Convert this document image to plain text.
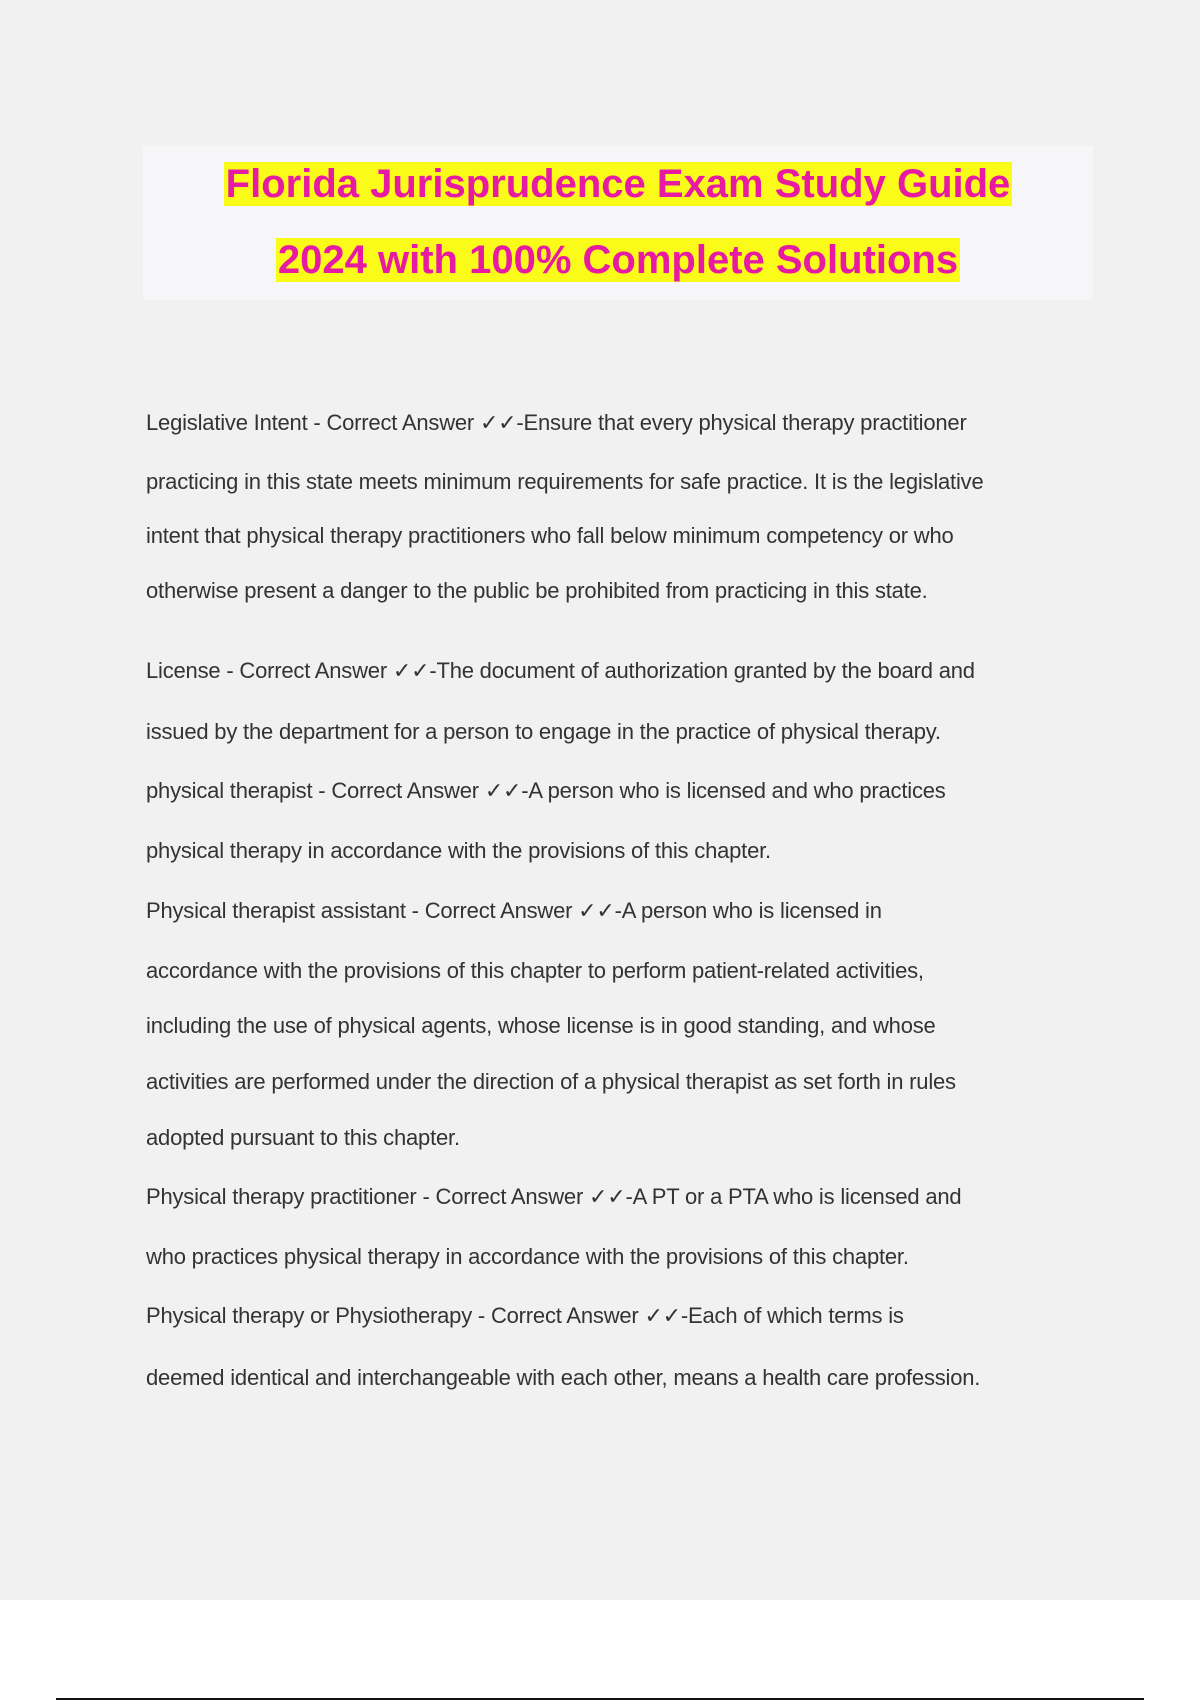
Florida Jurisprudence Exam Study Guide
2024 with 100% Complete Solutions
Legislative Intent - Correct Answer ✓✓-Ensure that every physical therapy practitioner
practicing in this state meets minimum requirements for safe practice. It is the legislative
intent that physical therapy practitioners who fall below minimum competency or who
otherwise present a danger to the public be prohibited from practicing in this state.
License - Correct Answer ✓✓-The document of authorization granted by the board and
issued by the department for a person to engage in the practice of physical therapy.
physical therapist - Correct Answer ✓✓-A person who is licensed and who practices
physical therapy in accordance with the provisions of this chapter.
Physical therapist assistant - Correct Answer ✓✓-A person who is licensed in
accordance with the provisions of this chapter to perform patient-related activities,
including the use of physical agents, whose license is in good standing, and whose
activities are performed under the direction of a physical therapist as set forth in rules
adopted pursuant to this chapter.
Physical therapy practitioner - Correct Answer ✓✓-A PT or a PTA who is licensed and
who practices physical therapy in accordance with the provisions of this chapter.
Physical therapy or Physiotherapy - Correct Answer ✓✓-Each of which terms is
deemed identical and interchangeable with each other, means a health care profession.
